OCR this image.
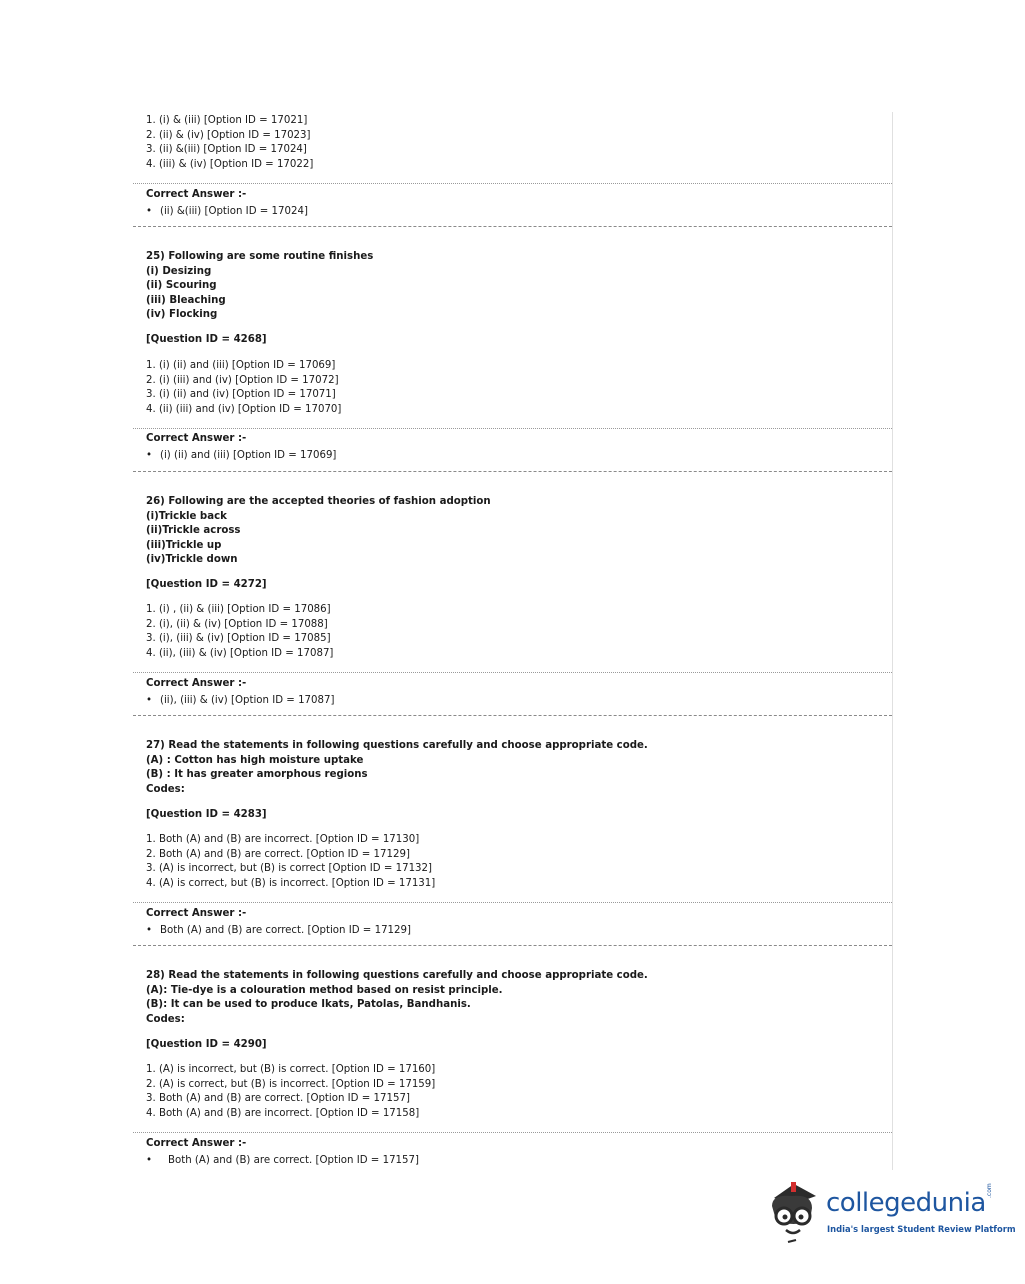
1. (i) & (iii) [Option ID = 17021]
2. (ii) & (iv) [Option ID = 17023]
3. (ii) &(iii) [Option ID = 17024]
4. (iii) & (iv) [Option ID = 17022]
Correct Answer :-
• (ii) &(iii) [Option ID = 17024]
25) Following are some routine finishes
(i) Desizing
(ii) Scouring
(iii) Bleaching
(iv) Flocking
[Question ID = 4268]
1. (i) (ii) and (iii) [Option ID = 17069]
2. (i) (iii) and (iv) [Option ID = 17072]
3. (i) (ii) and (iv) [Option ID = 17071]
4. (ii) (iii) and (iv) [Option ID = 17070]
Correct Answer :-
• (i) (ii) and (iii) [Option ID = 17069]
26) Following are the accepted theories of fashion adoption
(i)Trickle back
(ii)Trickle across
(iii)Trickle up
(iv)Trickle down
[Question ID = 4272]
1. (i) , (ii) & (iii) [Option ID = 17086]
2. (i), (ii) & (iv) [Option ID = 17088]
3. (i), (iii) & (iv) [Option ID = 17085]
4. (ii), (iii) & (iv) [Option ID = 17087]
Correct Answer :-
• (ii), (iii) & (iv) [Option ID = 17087]
27) Read the statements in following questions carefully and choose appropriate code.
(A) : Cotton has high moisture uptake
(B) : It has greater amorphous regions
Codes:
[Question ID = 4283]
1. Both (A) and (B) are incorrect. [Option ID = 17130]
2. Both (A) and (B) are correct. [Option ID = 17129]
3. (A) is incorrect, but (B) is correct [Option ID = 17132]
4. (A) is correct, but (B) is incorrect. [Option ID = 17131]
Correct Answer :-
• Both (A) and (B) are correct. [Option ID = 17129]
28) Read the statements in following questions carefully and choose appropriate code.
(A): Tie-dye is a colouration method based on resist principle.
(B): It can be used to produce Ikats, Patolas, Bandhanis.
Codes:
[Question ID = 4290]
1. (A) is incorrect, but (B) is correct. [Option ID = 17160]
2. (A) is correct, but (B) is incorrect. [Option ID = 17159]
3. Both (A) and (B) are correct. [Option ID = 17157]
4. Both (A) and (B) are incorrect. [Option ID = 17158]
Correct Answer :-
• Both (A) and (B) are correct. [Option ID = 17157]
collegedunia .com
India's largest Student Review Platform
